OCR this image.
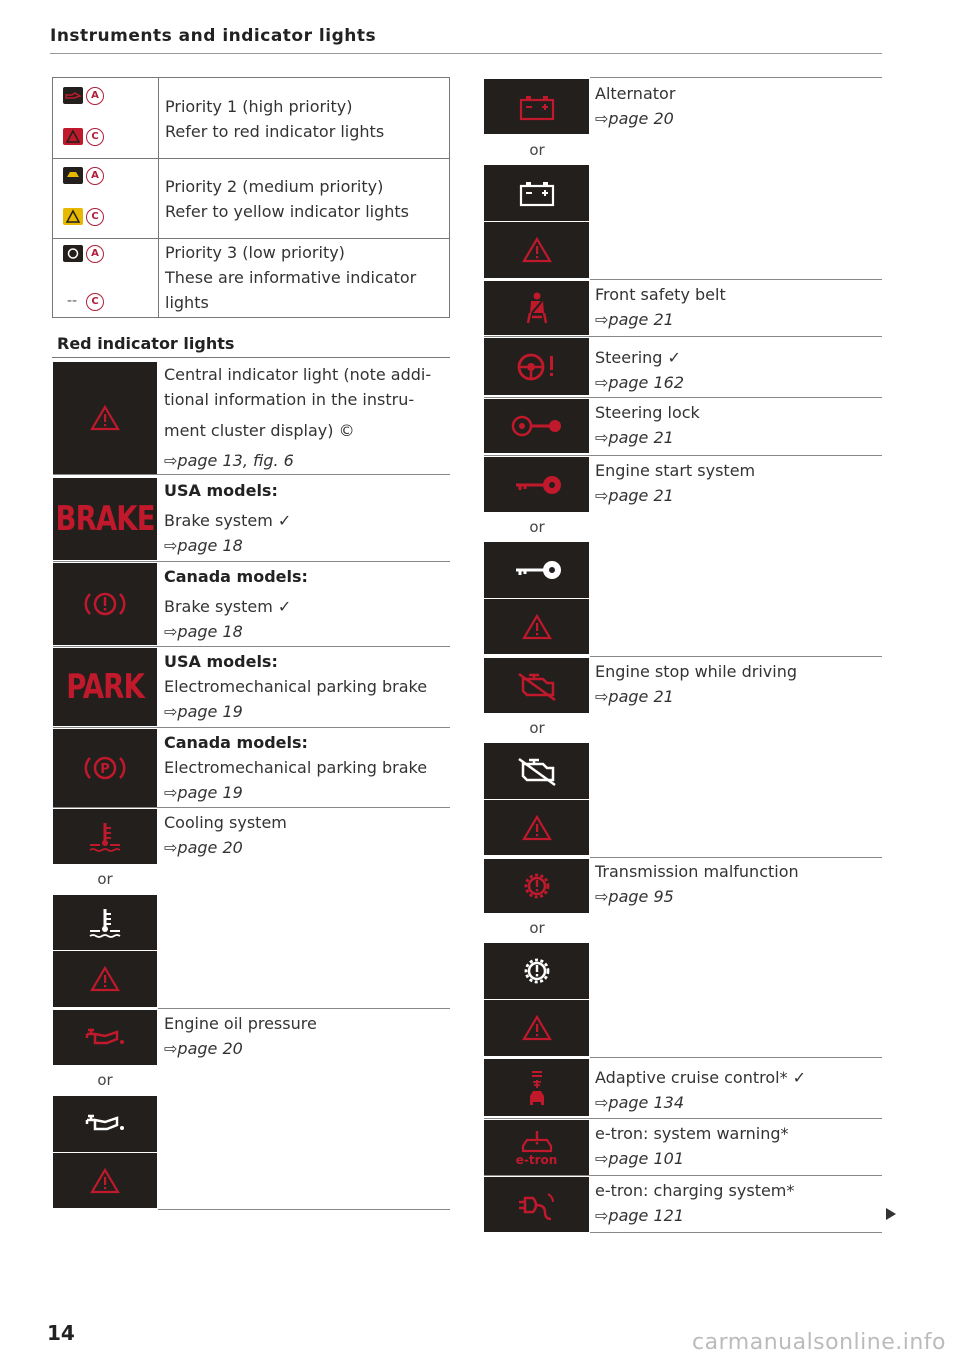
Instruments and indicator lights
A
C
Priority 1 (high priority)
Refer to red indicator lights
A
C
Priority 2 (medium priority)
Refer to yellow indicator lights
A
--	C
Priority 3 (low priority)
These are informative indicator
lights
Red indicator lights
Central indicator light (note addi-
tional information in the instru-
ment cluster display) ©
⇨page 13, fig. 6
BRAKE
USA models:
Brake system ✓
⇨page 18
Canada models:
Brake system ✓
⇨page 18
PARK
USA models:
Electromechanical parking brake
⇨page 19
P
Canada models:
Electromechanical parking brake
⇨page 19
Cooling system
⇨page 20
or
Engine oil pressure
⇨page 20
or
Alternator
⇨page 20
or
Front safety belt
⇨page 21
Steering ✓
⇨page 162
Steering lock
⇨page 21
Engine start system
⇨page 21
or
Engine stop while driving
⇨page 21
or
Transmission malfunction
⇨page 95
or
Adaptive cruise control* ✓
⇨page 134
e-tron
e-tron: system warning*
⇨page 101
e-tron: charging system*
⇨page 121
14	carmanualsonline.info
